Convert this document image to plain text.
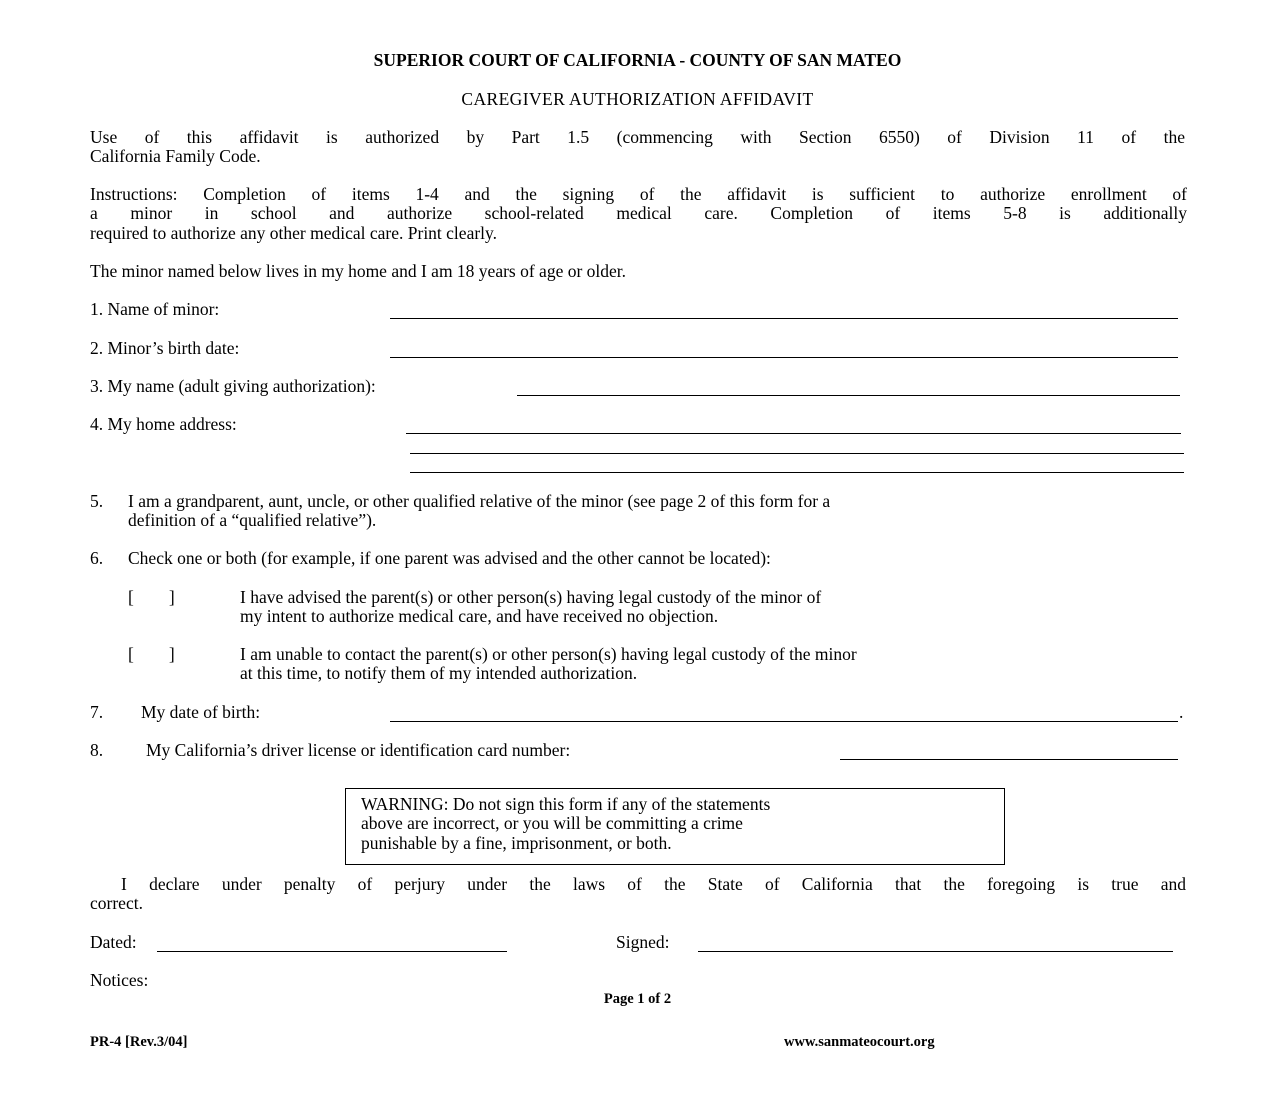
SUPERIOR COURT OF CALIFORNIA - COUNTY OF SAN MATEO
CAREGIVER AUTHORIZATION AFFIDAVIT
Use of this affidavit is authorized by Part 1.5 (commencing with Section 6550) of Division 11 of the
California Family Code.
Instructions: Completion of items 1-4 and the signing of the affidavit is sufficient to authorize enrollment of
a minor in school and authorize school-related medical care. Completion of items 5-8 is additionally
required to authorize any other medical care. Print clearly.
The minor named below lives in my home and I am 18 years of age or older.
1. Name of minor:
2. Minor’s birth date:
3. My name (adult giving authorization):
4. My home address:
5. I am a grandparent, aunt, uncle, or other qualified relative of the minor (see page 2 of this form for a
definition of a “qualified relative”).
6. Check one or both (for example, if one parent was advised and the other cannot be located):
[        ]	I have advised the parent(s) or other person(s) having legal custody of the minor of
my intent to authorize medical care, and have received no objection.
[        ]	I am unable to contact the parent(s) or other person(s) having legal custody of the minor
at this time, to notify them of my intended authorization.
7. My date of birth:	.
8. My California’s driver license or identification card number:
WARNING: Do not sign this form if any of the statements
above are incorrect, or you will be committing a crime
punishable by a fine, imprisonment, or both.
I declare under penalty of perjury under the laws of the State of California that the foregoing is true and
correct.
Dated:	Signed:
Notices:
Page 1 of 2
PR-4 [Rev.3/04]	www.sanmateocourt.org
